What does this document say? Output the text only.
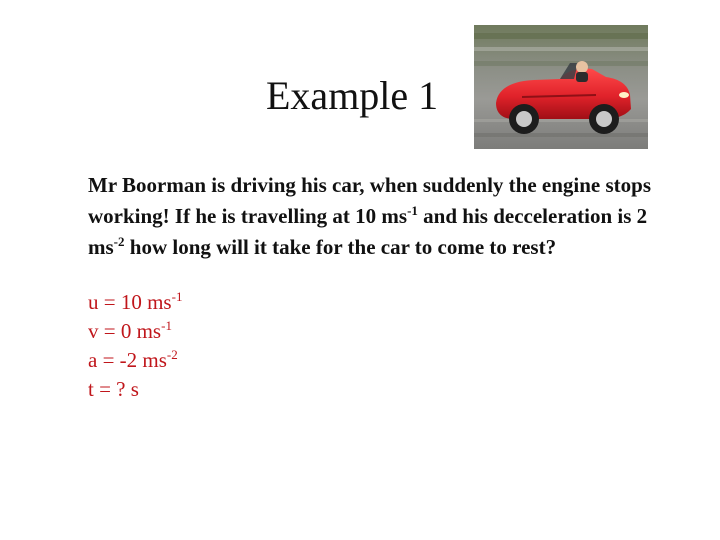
Example 1
Mr Boorman is driving his car, when suddenly the engine stops working! If he is travelling at 10 $ms^{-1}$ and his decceleration is 2 $ms^{-2}$ how long will it take for the car to come to rest?
u = 10 $ms^{-1}$
v = 0 $ms^{-1}$
a = -2 $ms^{-2}$
t = ? s
